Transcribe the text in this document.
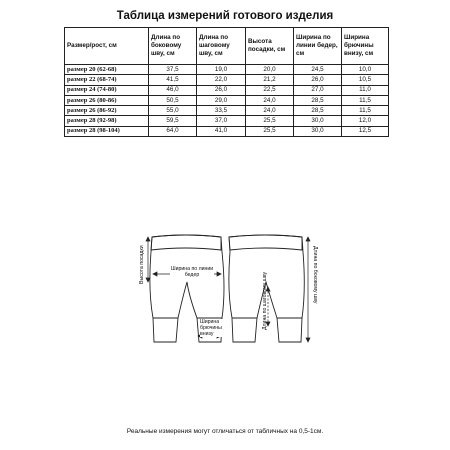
Таблица измерений готового изделия
Размер/рост, см	Длина по боковому шву, см	Длина по шаговому шву, см	Высота посадки, см	Ширина по линии бедер, см	Ширина брючины внизу, см
размер 20 (62-68)	37,5	19,0	20,0	24,5	10,0
размер 22 (68-74)	41,5	22,0	21,2	26,0	10,5
размер 24 (74-80)	46,0	26,0	22,5	27,0	11,0
размер 26 (80-86)	50,5	29,0	24,0	28,5	11,5
размер 26 (86-92)	55,0	33,5	24,0	28,5	11,5
размер 28 (92-98)	59,5	37,0	25,5	30,0	12,0
размер 28 (98-104)	64,0	41,0	25,5	30,0	12,5
Высота посадки	Ширина по линии бедер
Ширина брючины внизу
Длина по шаговому шву	Длина по боковому шву
Реальные измерения могут отличаться от табличных на 0,5-1см.
